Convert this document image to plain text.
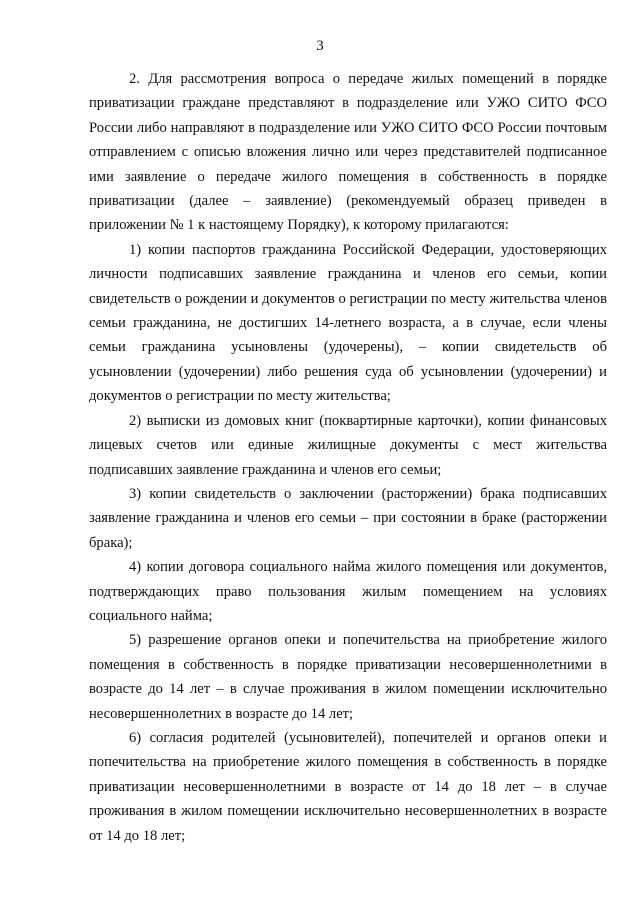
3

2. Для рассмотрения вопроса о передаче жилых помещений в порядке приватизации граждане представляют в подразделение или УЖО СИТО ФСО России либо направляют в подразделение или УЖО СИТО ФСО России почтовым отправлением с описью вложения лично или через представителей подписанное ими заявление о передаче жилого помещения в собственность в порядке приватизации (далее – заявление) (рекомендуемый образец приведен в приложении № 1 к настоящему Порядку), к которому прилагаются:

1) копии паспортов гражданина Российской Федерации, удостоверяющих личности подписавших заявление гражданина и членов его семьи, копии свидетельств о рождении и документов о регистрации по месту жительства членов семьи гражданина, не достигших 14-летнего возраста, а в случае, если члены семьи гражданина усыновлены (удочерены), – копии свидетельств об усыновлении (удочерении) либо решения суда об усыновлении (удочерении) и документов о регистрации по месту жительства;

2) выписки из домовых книг (поквартирные карточки), копии финансовых лицевых счетов или единые жилищные документы с мест жительства подписавших заявление гражданина и членов его семьи;

3) копии свидетельств о заключении (расторжении) брака подписавших заявление гражданина и членов его семьи – при состоянии в браке (расторжении брака);

4) копии договора социального найма жилого помещения или документов, подтверждающих право пользования жилым помещением на условиях социального найма;

5) разрешение органов опеки и попечительства на приобретение жилого помещения в собственность в порядке приватизации несовершеннолетними в возрасте до 14 лет – в случае проживания в жилом помещении исключительно несовершеннолетних в возрасте до 14 лет;

6) согласия родителей (усыновителей), попечителей и органов опеки и попечительства на приобретение жилого помещения в собственность в порядке приватизации несовершеннолетними в возрасте от 14 до 18 лет – в случае проживания в жилом помещении исключительно несовершеннолетних в возрасте от 14 до 18 лет;
